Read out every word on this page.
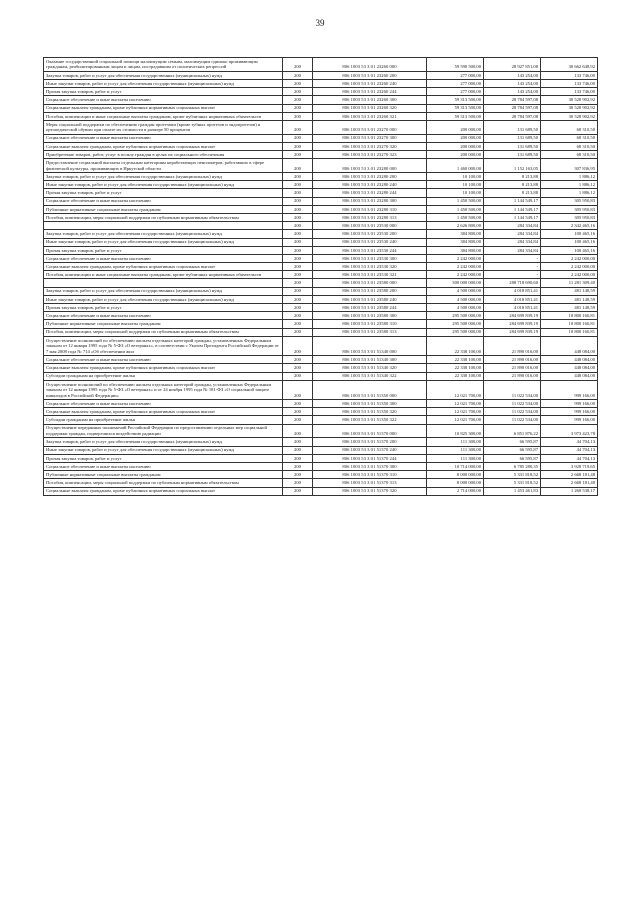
39
Оказание государственной социальной помощи малоимущим семьям, малоимущим одиноко проживающим гражданам, реабилитированным лицам и лицам, пострадавшим от политических репрессий	200	806 1003 53 3 01 23260 000	59 590 500,00	28 927 851,08	30 662 648,92
Закупка товаров, работ и услуг для обеспечения государственных (муниципальных) нужд	200	806 1003 53 3 01 23260 200	277 000,00	143 254,00	133 746,00
Иные закупки товаров, работ и услуг для обеспечения государственных (муниципальных) нужд	200	806 1003 53 3 01 23260 240	277 000,00	143 254,00	133 746,00
Прочая закупка товаров, работ и услуг	200	806 1003 53 3 01 23260 244	277 000,00	143 254,00	133 746,00
Социальное обеспечение и иные выплаты населению	200	806 1003 53 3 01 23260 300	59 313 500,00	28 784 597,08	30 528 902,92
Социальные выплаты гражданам, кроме публичных нормативных социальных выплат	200	806 1003 53 3 01 23260 320	59 313 500,00	28 784 597,08	30 528 902,92
Пособия, компенсации и иные социальные выплаты гражданам, кроме публичных нормативных обязательств	200	806 1003 53 3 01 23260 321	59 313 500,00	28 784 597,08	30 528 902,92
Меры социальной поддержки по обеспечению граждан протезами (кроме зубных протезов и эндопротезов) и ортопедической обувью при оплате их стоимости в размере 50 процентов	200	806 1003 53 3 01 23270 000	200 000,00	131 689,50	68 310,50
Социальное обеспечение и иные выплаты населению	200	806 1003 53 3 01 23270 300	200 000,00	131 689,50	68 310,50
Социальные выплаты гражданам, кроме публичных нормативных социальных выплат	200	806 1003 53 3 01 23270 320	200 000,00	131 689,50	68 310,50
Приобретение товаров, работ, услуг в пользу граждан в целях их социального обеспечения	200	806 1003 53 3 01 23270 323	200 000,00	131 689,50	68 310,50
Предоставление социальной выплаты отдельным категориям неработающих пенсионеров, работавших в сфере физической культуры, проживающих в Иркутской области	200	806 1003 53 3 01 23280 000	1 460 000,00	1 152 163,05	307 836,95
Закупка товаров, работ и услуг для обеспечения государственных (муниципальных) нужд	200	806 1003 53 3 01 23280 200	10 100,00	8 213,88	1 886,12
Иные закупки товаров, работ и услуг для обеспечения государственных (муниципальных) нужд	200	806 1003 53 3 01 23280 240	10 100,00	8 213,88	1 886,12
Прочая закупка товаров, работ и услуг	200	806 1003 53 3 01 23280 244	10 100,00	8 213,88	1 886,12
Социальное обеспечение и иные выплаты населению	200	806 1003 53 3 01 23280 300	1 450 500,00	1 144 549,17	305 950,83
Публичные нормативные социальные выплаты гражданам	200	806 1003 53 3 01 23280 310	1 450 500,00	1 144 549,17	305 950,83
Пособия, компенсации, меры социальной поддержки по публичным нормативным обязательствам	200	806 1003 53 3 01 23280 313	1 450 500,00	1 144 549,17	305 950,83
	200	806 1003 53 3 01 23530 000	2 626 800,00	284 334,84	2 342 465,16
Закупка товаров, работ и услуг для обеспечения государственных (муниципальных) нужд	200	806 1003 53 3 01 23530 200	384 800,00	284 334,84	100 465,16
Иные закупки товаров, работ и услуг для обеспечения государственных (муниципальных) нужд	200	806 1003 53 3 01 23530 240	384 800,00	284 334,84	100 465,16
Прочая закупка товаров, работ и услуг	200	806 1003 53 3 01 23530 244	384 800,00	284 334,84	100 465,16
Социальное обеспечение и иные выплаты населению	200	806 1003 53 3 01 23530 300	2 242 000,00	-	2 242 000,00
Социальные выплаты гражданам, кроме публичных нормативных социальных выплат	200	806 1003 53 3 01 23530 320	2 242 000,00	-	2 242 000,00
Пособия, компенсации и иные социальные выплаты гражданам, кроме публичных нормативных обязательств	200	806 1003 53 3 01 23530 321	2 242 000,00	-	2 242 000,00
	200	806 1003 53 3 01 23580 000	300 000 000,00	288 718 690,60	11 281 309,40
Закупка товаров, работ и услуг для обеспечения государственных (муниципальных) нужд	200	806 1003 53 3 01 23580 200	4 500 000,00	4 018 851,41	481 148,59
Иные закупки товаров, работ и услуг для обеспечения государственных (муниципальных) нужд	200	806 1003 53 3 01 23580 240	4 500 000,00	4 018 851,41	481 148,59
Прочая закупка товаров, работ и услуг	200	806 1003 53 3 01 23580 244	4 500 000,00	4 018 851,41	481 148,59
Социальное обеспечение и иные выплаты населению	200	806 1003 53 3 01 23580 300	295 500 000,00	284 699 839,19	10 800 160,81
Публичные нормативные социальные выплаты гражданам	200	806 1003 53 3 01 23580 310	295 500 000,00	284 699 839,19	10 800 160,81
Пособия, компенсации, меры социальной поддержки по публичным нормативным обязательствам	200	806 1003 53 3 01 23580 313	295 500 000,00	284 699 839,19	10 800 160,81
Осуществление полномочий по обеспечению жильем отдельных категорий граждан, установленных Федеральным законом от 12 января 1995 года № 5-ФЗ «О ветеранах», в соответствии с Указом Президента Российской Федерации от 7 мая 2008 года № 714 «Об обеспечении жил	200	806 1003 53 3 01 51340 000	22 338 100,00	21 890 016,00	448 084,00
Социальное обеспечение и иные выплаты населению	200	806 1003 53 3 01 51340 300	22 338 100,00	21 890 016,00	448 084,00
Социальные выплаты гражданам, кроме публичных нормативных социальных выплат	200	806 1003 53 3 01 51340 320	22 338 100,00	21 890 016,00	448 084,00
Субсидии гражданам на приобретение жилья	200	806 1003 53 3 01 51340 322	22 338 100,00	21 890 016,00	448 084,00
Осуществление полномочий по обеспечению жильем отдельных категорий граждан, установленных Федеральным законом от 12 января 1995 года № 5-ФЗ «О ветеранах» и от 24 ноября 1995 года № 181-ФЗ «О социальной защите инвалидов в Российской Федерации»	200	806 1003 53 3 01 51350 000	12 021 700,00	11 022 534,00	999 166,00
Социальное обеспечение и иные выплаты населению	200	806 1003 53 3 01 51350 300	12 021 700,00	11 022 534,00	999 166,00
Социальные выплаты гражданам, кроме публичных нормативных социальных выплат	200	806 1003 53 3 01 51350 320	12 021 700,00	11 022 534,00	999 166,00
Субсидии гражданам на приобретение жилья	200	806 1003 53 3 01 51350 322	12 021 700,00	11 022 534,00	999 166,00
Осуществление переданных полномочий Российской Федерации по предоставлению отдельных мер социальной поддержки граждан, подвергшихся воздействию радиации	200	806 1003 53 3 01 51370 000	10 825 300,00	6 851 876,22	3 973 423,78
Закупка товаров, работ и услуг для обеспечения государственных (муниципальных) нужд	200	806 1003 53 3 01 51370 200	111 300,00	66 595,87	44 704,13
Иные закупки товаров, работ и услуг для обеспечения государственных (муниципальных) нужд	200	806 1003 53 3 01 51370 240	111 300,00	66 595,87	44 704,13
Прочая закупка товаров, работ и услуг	200	806 1003 53 3 01 51370 244	111 300,00	66 595,87	44 704,13
Социальное обеспечение и иные выплаты населению	200	806 1003 53 3 01 51370 300	10 714 000,00	6 785 280,35	3 928 719,65
Публичные нормативные социальные выплаты гражданам	200	806 1003 53 3 01 51370 310	8 000 000,00	5 331 818,52	2 668 181,48
Пособия, компенсации, меры социальной поддержки по публичным нормативным обязательствам	200	806 1003 53 3 01 51370 313	8 000 000,00	5 331 818,52	2 668 181,48
Социальные выплаты гражданам, кроме публичных нормативных социальных выплат	200	806 1003 53 3 01 51370 320	2 714 000,00	1 453 461,83	1 260 538,17
